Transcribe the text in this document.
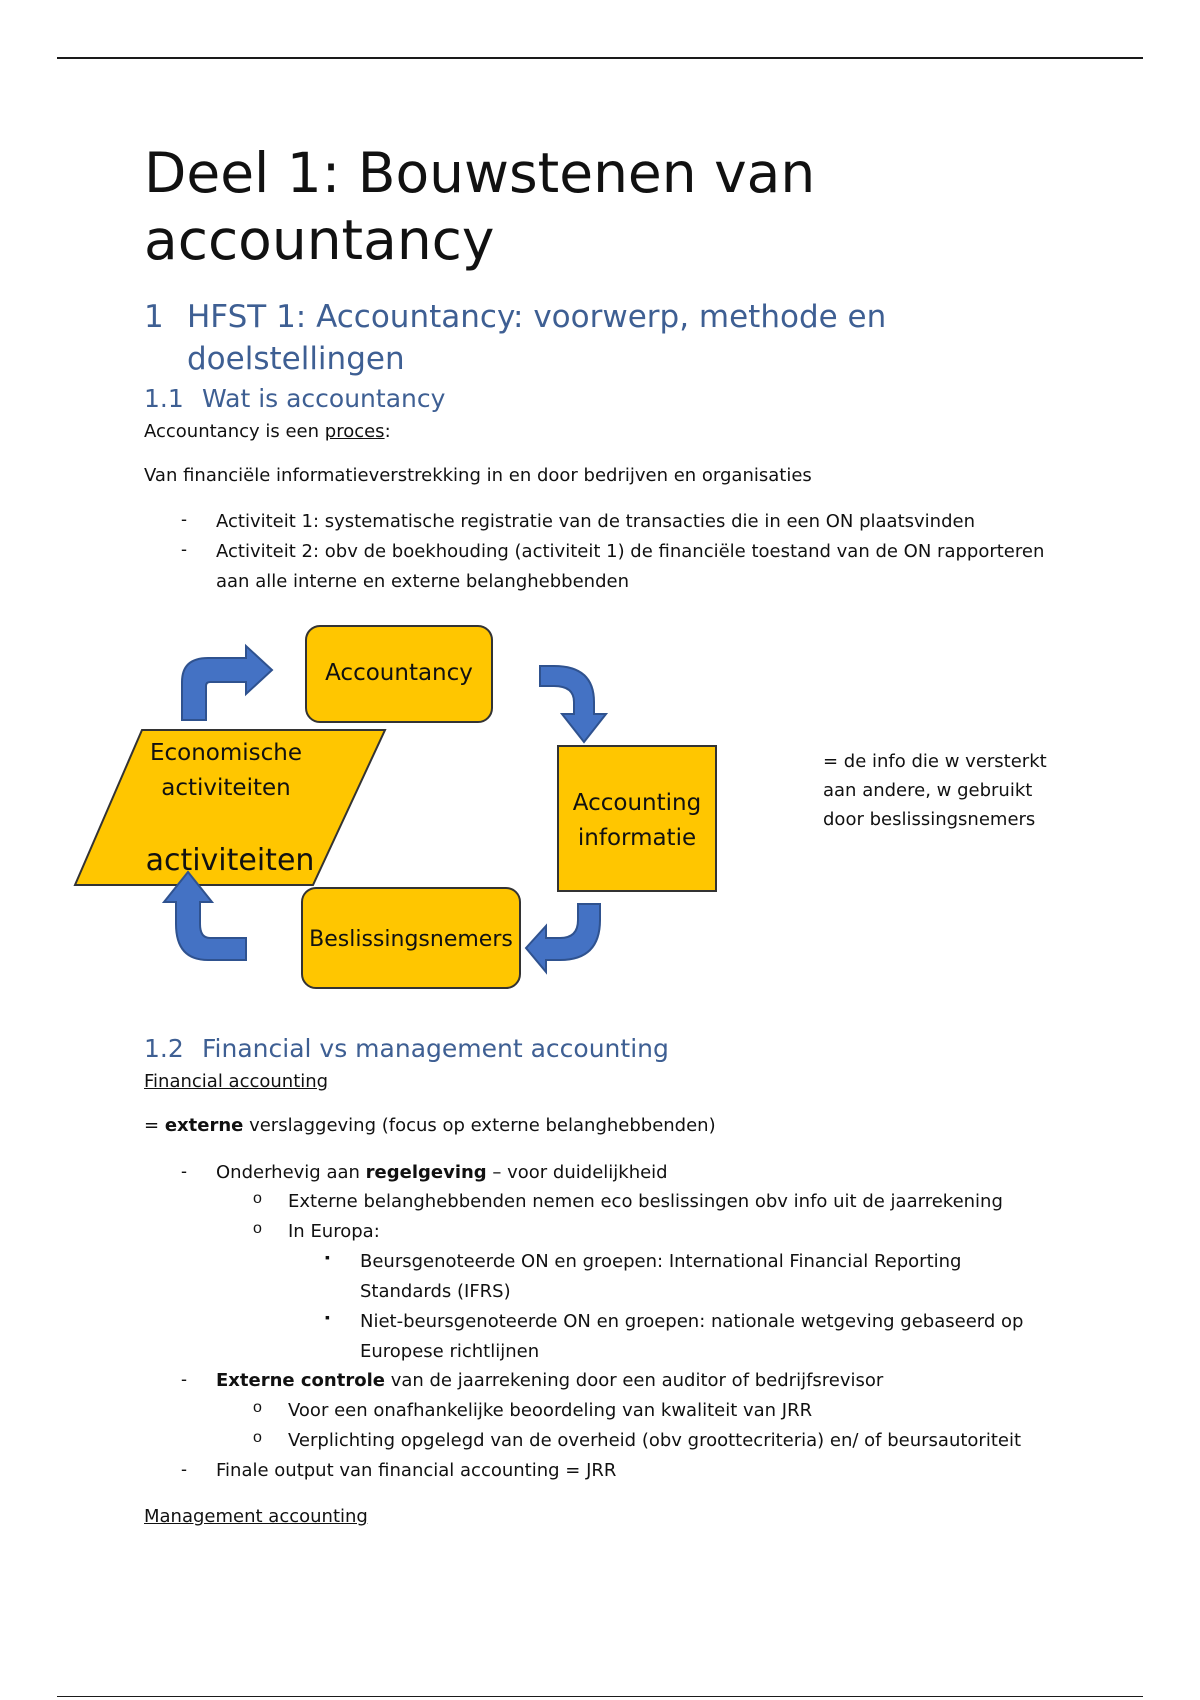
Deel 1: Bouwstenen van accountancy
1 HFST 1: Accountancy: voorwerp, methode en doelstellingen
1.1 Wat is accountancy
Accountancy is een proces:
Van financiële informatieverstrekking in en door bedrijven en organisaties
- Activiteit 1: systematische registratie van de transacties die in een ON plaatsvinden
- Activiteit 2: obv de boekhouding (activiteit 1) de financiële toestand van de ON rapporteren
aan alle interne en externe belanghebbenden
Accountancy
Economische
activiteiten
activiteiten
Accounting
informatie
Beslissingsnemers
= de info die w versterkt
aan andere, w gebruikt
door beslissingsnemers
1.2 Financial vs management accounting
Financial accounting
= externe verslaggeving (focus op externe belanghebbenden)
- Onderhevig aan regelgeving – voor duidelijkheid
o Externe belanghebbenden nemen eco beslissingen obv info uit de jaarrekening
o In Europa:
▪ Beursgenoteerde ON en groepen: International Financial Reporting
Standards (IFRS)
▪ Niet-beursgenoteerde ON en groepen: nationale wetgeving gebaseerd op
Europese richtlijnen
- Externe controle van de jaarrekening door een auditor of bedrijfsrevisor
o Voor een onafhankelijke beoordeling van kwaliteit van JRR
o Verplichting opgelegd van de overheid (obv groottecriteria) en/ of beursautoriteit
- Finale output van financial accounting = JRR
Management accounting
